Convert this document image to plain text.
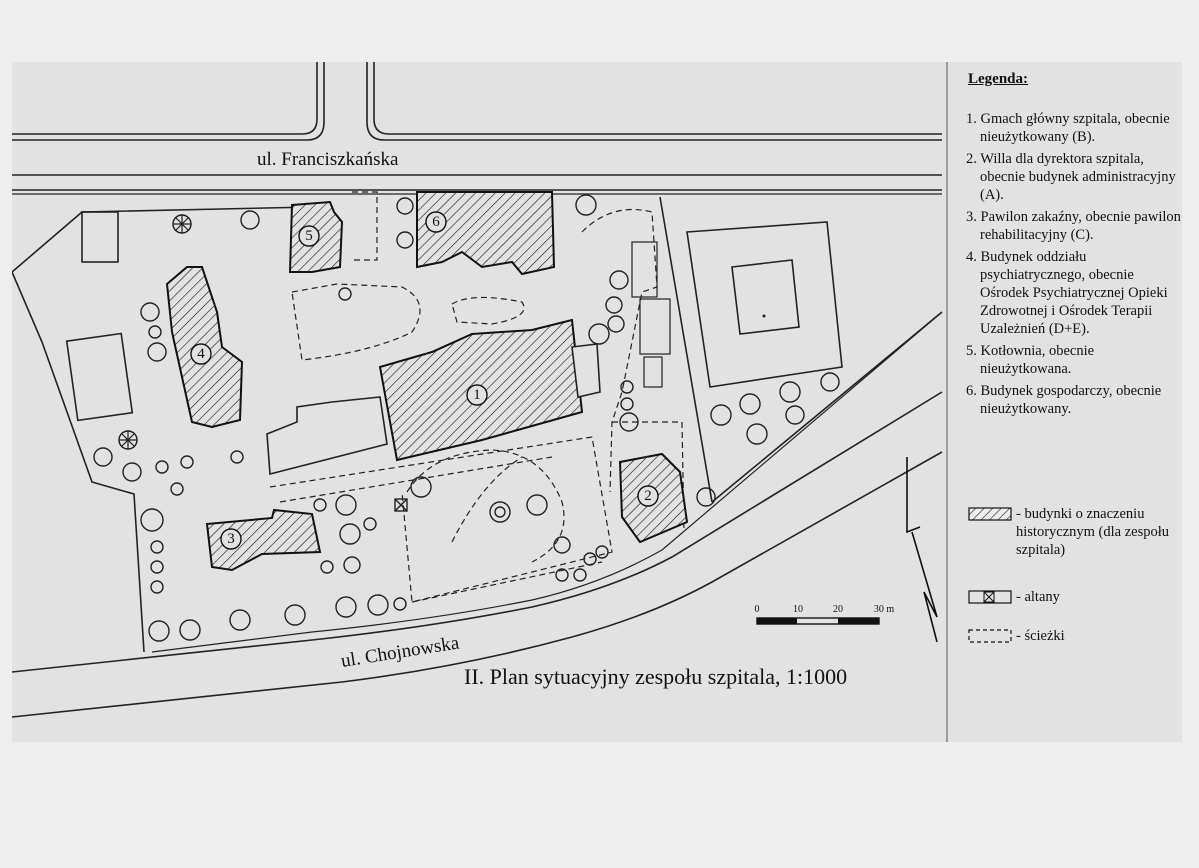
1
2
3
4
5
6
ul. Franciszkańska
ul. Chojnowska
0	10	20	30 m
II. Plan sytuacyjny zespołu szpitala, 1:1000
Legenda:
1. Gmach główny szpitala, obecnie nieużytkowany (B).
2. Willa dla dyrektora szpitala, obecnie budynek administracyjny (A).
3. Pawilon zakaźny, obecnie pawilon rehabilitacyjny (C).
4. Budynek oddziału psychiatrycznego, obecnie Ośrodek Psychiatrycznej Opieki Zdrowotnej i Ośrodek Terapii Uzależnień (D+E).
5. Kotłownia, obecnie nieużytkowana.
6. Budynek gospodarczy, obecnie nieużytkowany.
- budynki o znaczeniu historycznym (dla zespołu szpitala)
- altany
- ścieżki
